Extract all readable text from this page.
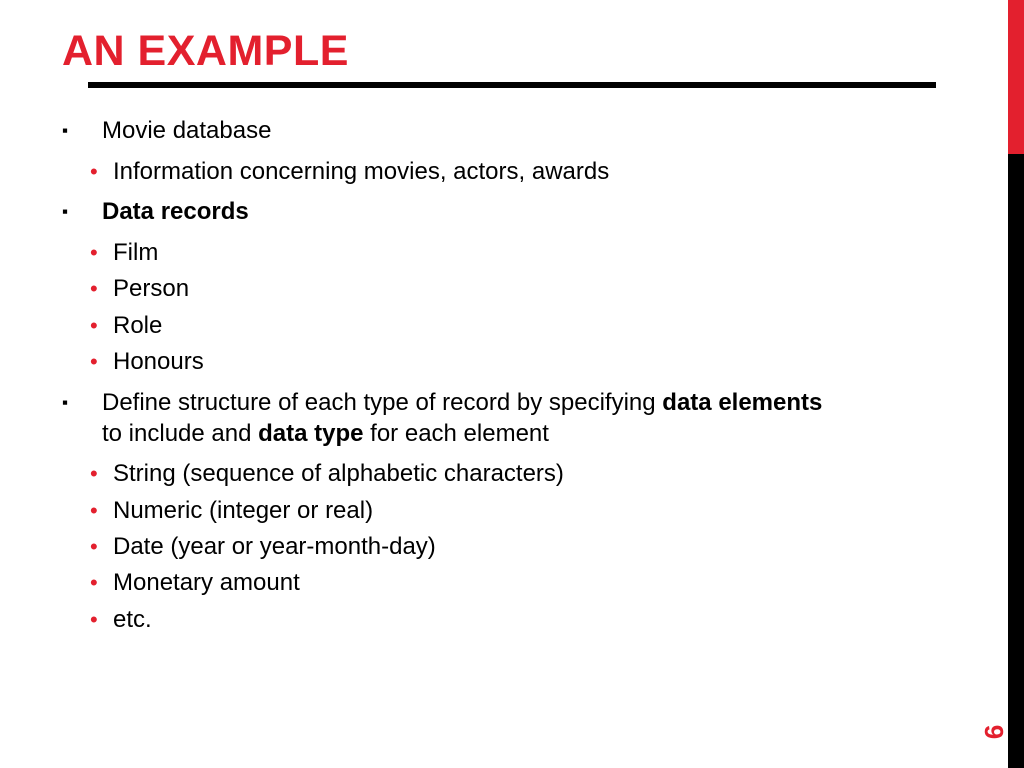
AN EXAMPLE
9
▪ Movie database
• Information concerning movies, actors, awards
▪ Data records
• Film
• Person
• Role
• Honours
▪ Define structure of each type of record by specifying data elements
to include and data type for each element
• String (sequence of alphabetic characters)
• Numeric (integer or real)
• Date (year or year-month-day)
• Monetary amount
• etc.
